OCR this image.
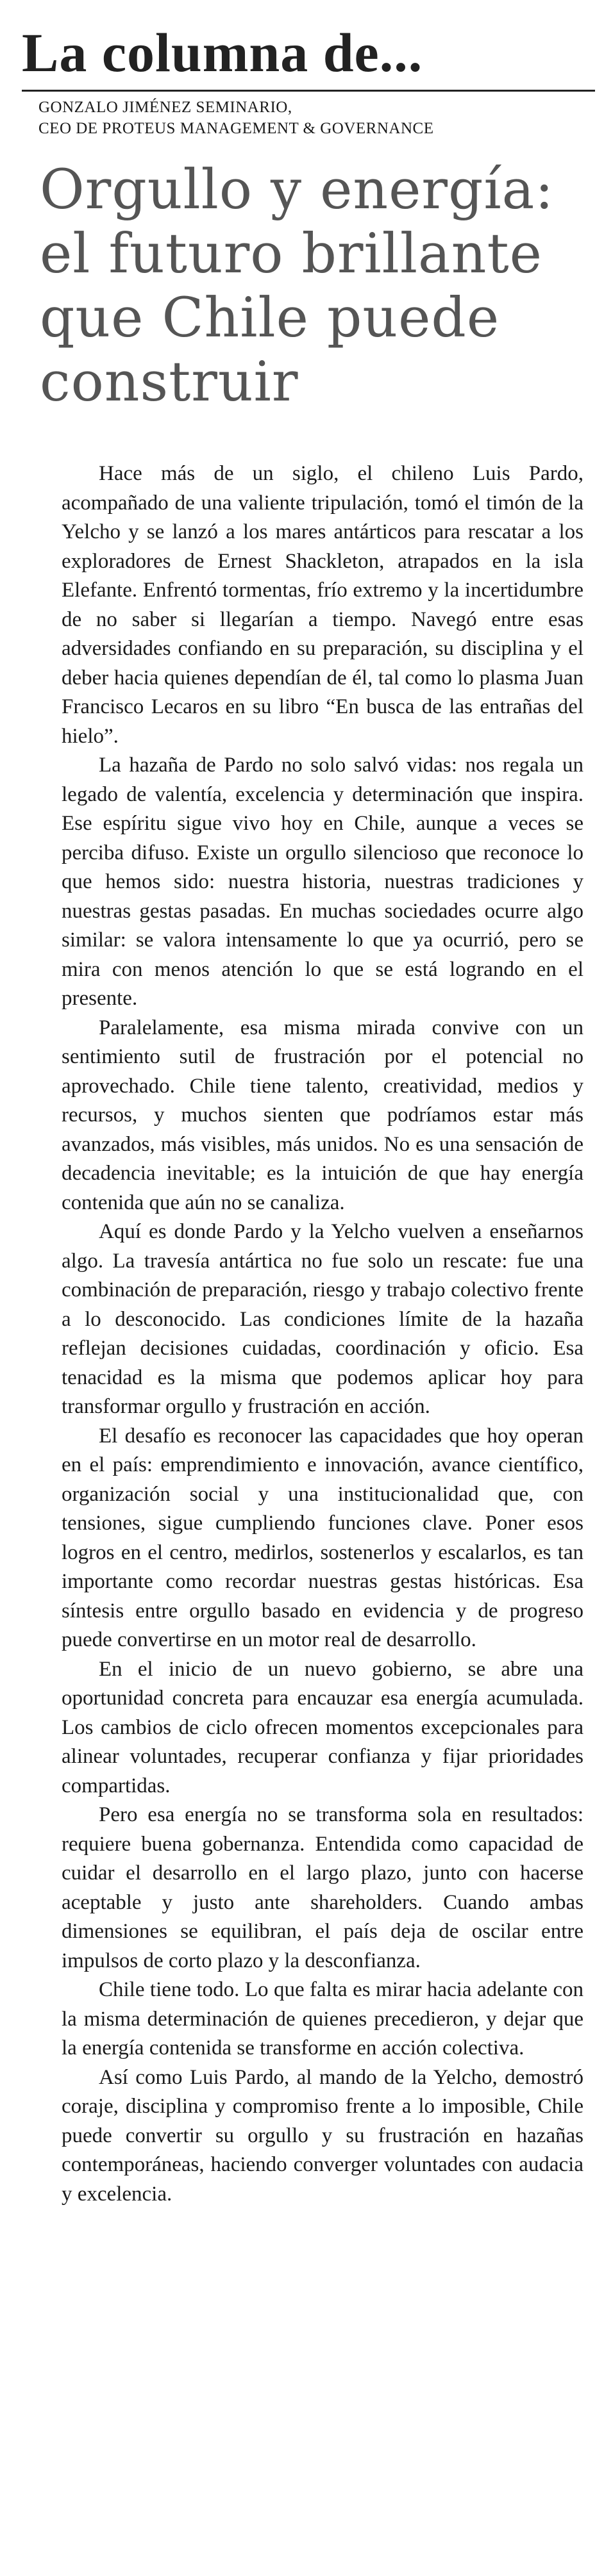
La columna de...
GONZALO JIMÉNEZ SEMINARIO,
CEO DE PROTEUS MANAGEMENT & GOVERNANCE
Orgullo y energía: el futuro brillante que Chile puede construir

Hace más de un siglo, el chileno Luis Pardo, acompañado de una valiente tripulación, tomó el timón de la Yelcho y se lanzó a los mares antárticos para rescatar a los exploradores de Ernest Shackleton, atrapados en la isla Elefante. Enfrentó tormentas, frío extremo y la incertidumbre de no saber si llegarían a tiempo. Navegó entre esas adversidades confiando en su preparación, su disciplina y el deber hacia quienes dependían de él, tal como lo plasma Juan Francisco Lecaros en su libro “En busca de las entrañas del hielo”.

La hazaña de Pardo no solo salvó vidas: nos regala un legado de valentía, excelencia y determinación que inspira. Ese espíritu sigue vivo hoy en Chile, aunque a veces se perciba difuso. Existe un orgullo silencioso que reconoce lo que hemos sido: nuestra historia, nuestras tradiciones y nuestras gestas pasadas. En muchas sociedades ocurre algo similar: se valora intensamente lo que ya ocurrió, pero se mira con menos atención lo que se está logrando en el presente.

Paralelamente, esa misma mirada convive con un sentimiento sutil de frustración por el potencial no aprovechado. Chile tiene talento, creatividad, medios y recursos, y muchos sienten que podríamos estar más avanzados, más visibles, más unidos. No es una sensación de decadencia inevitable; es la intuición de que hay energía contenida que aún no se canaliza.

Aquí es donde Pardo y la Yelcho vuelven a enseñarnos algo. La travesía antártica no fue solo un rescate: fue una combinación de preparación, riesgo y trabajo colectivo frente a lo desconocido. Las condiciones límite de la hazaña reflejan decisiones cuidadas, coordinación y oficio. Esa tenacidad es la misma que podemos aplicar hoy para transformar orgullo y frustración en acción.

El desafío es reconocer las capacidades que hoy operan en el país: emprendimiento e innovación, avance científico, organización social y una institucionalidad que, con tensiones, sigue cumpliendo funciones clave. Poner esos logros en el centro, medirlos, sostenerlos y escalarlos, es tan importante como recordar nuestras gestas históricas. Esa síntesis entre orgullo basado en evidencia y de progreso puede convertirse en un motor real de desarrollo.

En el inicio de un nuevo gobierno, se abre una oportunidad concreta para encauzar esa energía acumulada. Los cambios de ciclo ofrecen momentos excepcionales para alinear voluntades, recuperar confianza y fijar prioridades compartidas.

Pero esa energía no se transforma sola en resultados: requiere buena gobernanza. Entendida como capacidad de cuidar el desarrollo en el largo plazo, junto con hacerse aceptable y justo ante shareholders. Cuando ambas dimensiones se equilibran, el país deja de oscilar entre impulsos de corto plazo y la desconfianza.

Chile tiene todo. Lo que falta es mirar hacia adelante con la misma determinación de quienes precedieron, y dejar que la energía contenida se transforme en acción colectiva.

Así como Luis Pardo, al mando de la Yelcho, demostró coraje, disciplina y compromiso frente a lo imposible, Chile puede convertir su orgullo y su frustración en hazañas contemporáneas, haciendo converger voluntades con audacia y excelencia.
